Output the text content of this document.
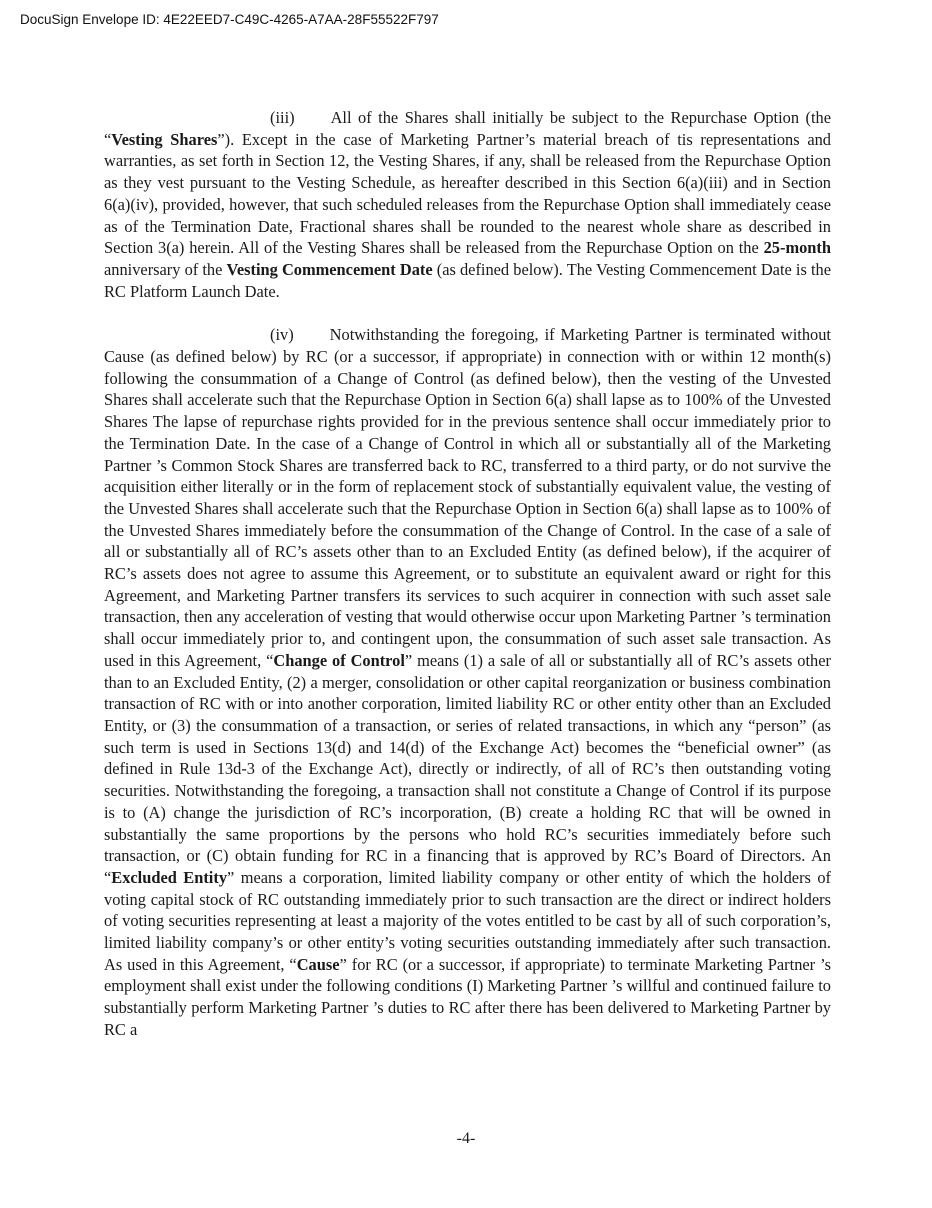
DocuSign Envelope ID: 4E22EED7-C49C-4265-A7AA-28F55522F797

(iii) All of the Shares shall initially be subject to the Repurchase Option (the “Vesting Shares”). Except in the case of Marketing Partner’s material breach of tis representations and warranties, as set forth in Section 12, the Vesting Shares, if any, shall be released from the Repurchase Option as they vest pursuant to the Vesting Schedule, as hereafter described in this Section 6(a)(iii) and in Section 6(a)(iv), provided, however, that such scheduled releases from the Repurchase Option shall immediately cease as of the Termination Date, Fractional shares shall be rounded to the nearest whole share as described in Section 3(a) herein. All of the Vesting Shares shall be released from the Repurchase Option on the 25-month anniversary of the Vesting Commencement Date (as defined below). The Vesting Commencement Date is the RC Platform Launch Date.

(iv) Notwithstanding the foregoing, if Marketing Partner is terminated without Cause (as defined below) by RC (or a successor, if appropriate) in connection with or within 12 month(s) following the consummation of a Change of Control (as defined below), then the vesting of the Unvested Shares shall accelerate such that the Repurchase Option in Section 6(a) shall lapse as to 100% of the Unvested Shares The lapse of repurchase rights provided for in the previous sentence shall occur immediately prior to the Termination Date. In the case of a Change of Control in which all or substantially all of the Marketing Partner ’s Common Stock Shares are transferred back to RC, transferred to a third party, or do not survive the acquisition either literally or in the form of replacement stock of substantially equivalent value, the vesting of the Unvested Shares shall accelerate such that the Repurchase Option in Section 6(a) shall lapse as to 100% of the Unvested Shares immediately before the consummation of the Change of Control. In the case of a sale of all or substantially all of RC’s assets other than to an Excluded Entity (as defined below), if the acquirer of RC’s assets does not agree to assume this Agreement, or to substitute an equivalent award or right for this Agreement, and Marketing Partner transfers its services to such acquirer in connection with such asset sale transaction, then any acceleration of vesting that would otherwise occur upon Marketing Partner ’s termination shall occur immediately prior to, and contingent upon, the consummation of such asset sale transaction. As used in this Agreement, “Change of Control” means (1) a sale of all or substantially all of RC’s assets other than to an Excluded Entity, (2) a merger, consolidation or other capital reorganization or business combination transaction of RC with or into another corporation, limited liability RC or other entity other than an Excluded Entity, or (3) the consummation of a transaction, or series of related transactions, in which any “person” (as such term is used in Sections 13(d) and 14(d) of the Exchange Act) becomes the “beneficial owner” (as defined in Rule 13d-3 of the Exchange Act), directly or indirectly, of all of RC’s then outstanding voting securities. Notwithstanding the foregoing, a transaction shall not constitute a Change of Control if its purpose is to (A) change the jurisdiction of RC’s incorporation, (B) create a holding RC that will be owned in substantially the same proportions by the persons who hold RC’s securities immediately before such transaction, or (C) obtain funding for RC in a financing that is approved by RC’s Board of Directors. An “Excluded Entity” means a corporation, limited liability company or other entity of which the holders of voting capital stock of RC outstanding immediately prior to such transaction are the direct or indirect holders of voting securities representing at least a majority of the votes entitled to be cast by all of such corporation’s, limited liability company’s or other entity’s voting securities outstanding immediately after such transaction. As used in this Agreement, “Cause” for RC (or a successor, if appropriate) to terminate Marketing Partner ’s employment shall exist under the following conditions (I) Marketing Partner ’s willful and continued failure to substantially perform Marketing Partner ’s duties to RC after there has been delivered to Marketing Partner by RC a

-4-
